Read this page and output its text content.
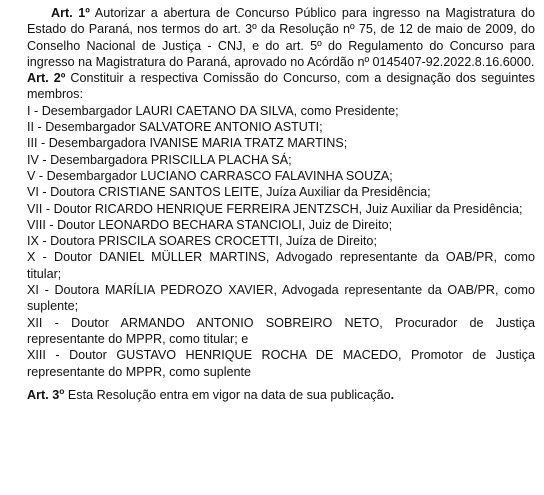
Art. 1º Autorizar a abertura de Concurso Público para ingresso na Magistratura do Estado do Paraná, nos termos do art. 3º da Resolução nº 75, de 12 de maio de 2009, do Conselho Nacional de Justiça - CNJ, e do art. 5º do Regulamento do Concurso para ingresso na Magistratura do Paraná, aprovado no Acórdão nº 0145407-92.2022.8.16.6000.

Art. 2º Constituir a respectiva Comissão do Concurso, com a designação dos seguintes membros:

I - Desembargador LAURI CAETANO DA SILVA, como Presidente;

II - Desembargador SALVATORE ANTONIO ASTUTI;

III - Desembargadora IVANISE MARIA TRATZ MARTINS;

IV - Desembargadora PRISCILLA PLACHA SÁ;

V - Desembargador LUCIANO CARRASCO FALAVINHA SOUZA;

VI - Doutora CRISTIANE SANTOS LEITE, Juíza Auxiliar da Presidência;

VII - Doutor RICARDO HENRIQUE FERREIRA JENTZSCH, Juiz Auxiliar da Presidência;

VIII - Doutor LEONARDO BECHARA STANCIOLI, Juiz de Direito;

IX - Doutora PRISCILA SOARES CROCETTI, Juíza de Direito;

X - Doutor DANIEL MÜLLER MARTINS, Advogado representante da OAB/PR, como titular;

XI - Doutora MARÍLIA PEDROZO XAVIER, Advogada representante da OAB/PR, como suplente;

XII - Doutor ARMANDO ANTONIO SOBREIRO NETO, Procurador de Justiça representante do MPPR, como titular; e

XIII - Doutor GUSTAVO HENRIQUE ROCHA DE MACEDO, Promotor de Justiça representante do MPPR, como suplente

Art. 3$^o$ Esta Resolução entra em vigor na data de sua publicação.
